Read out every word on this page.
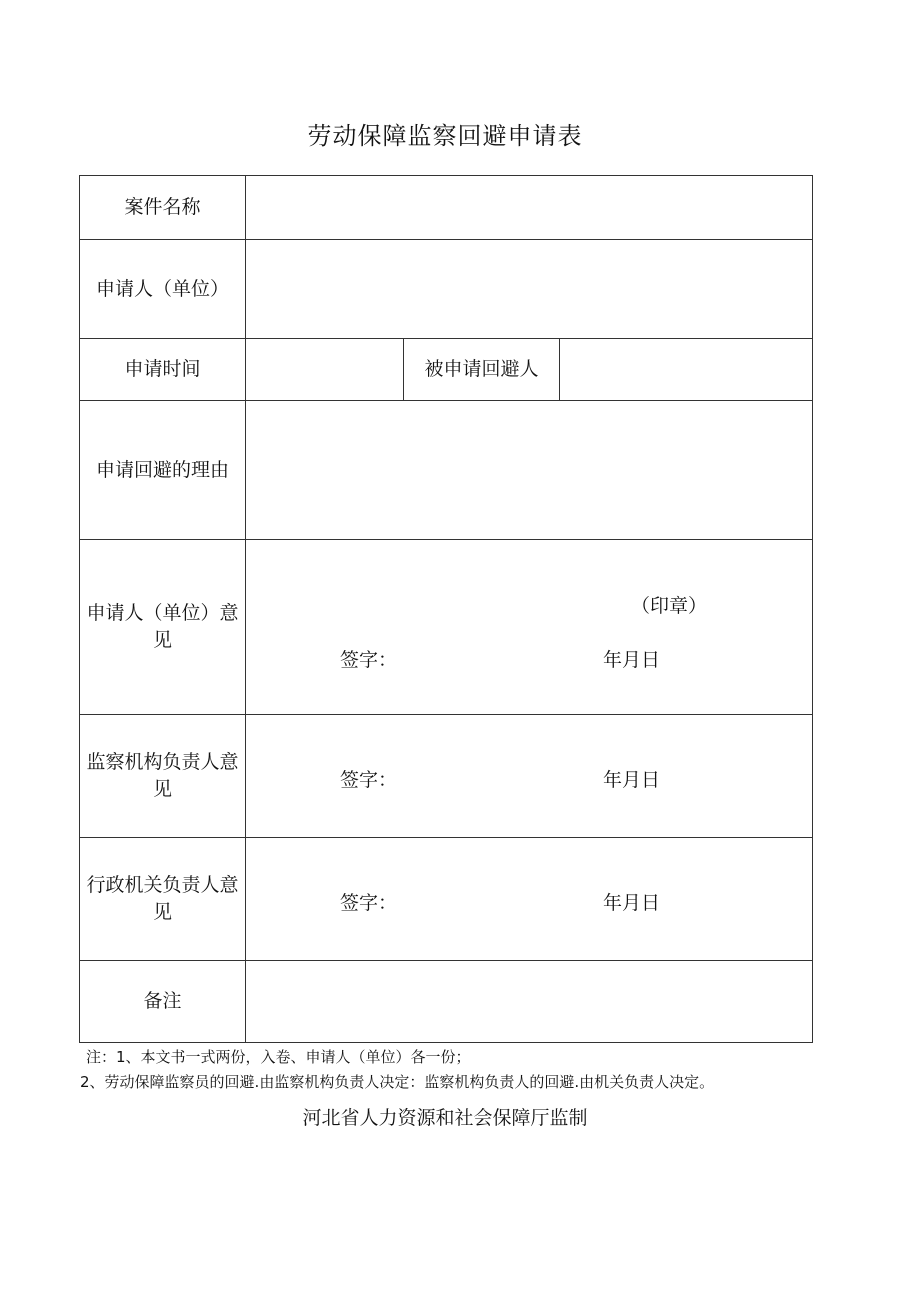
劳动保障监察回避申请表
案件名称			
申请人（单位）			
申请时间		被申请回避人	
申请回避的理由			
申请人（单位）意见	（印章）
签字： 年月日		

监察机构负责人意见	签字： 年月日		

行政机关负责人意见	签字： 年月日		

备注			
注：1、本文书一式两份，入卷、申请人（单位）各一份；
2、劳动保障监察员的回避.由监察机构负责人决定：监察机构负责人的回避.由机关负责人决定。
河北省人力资源和社会保障厅监制
